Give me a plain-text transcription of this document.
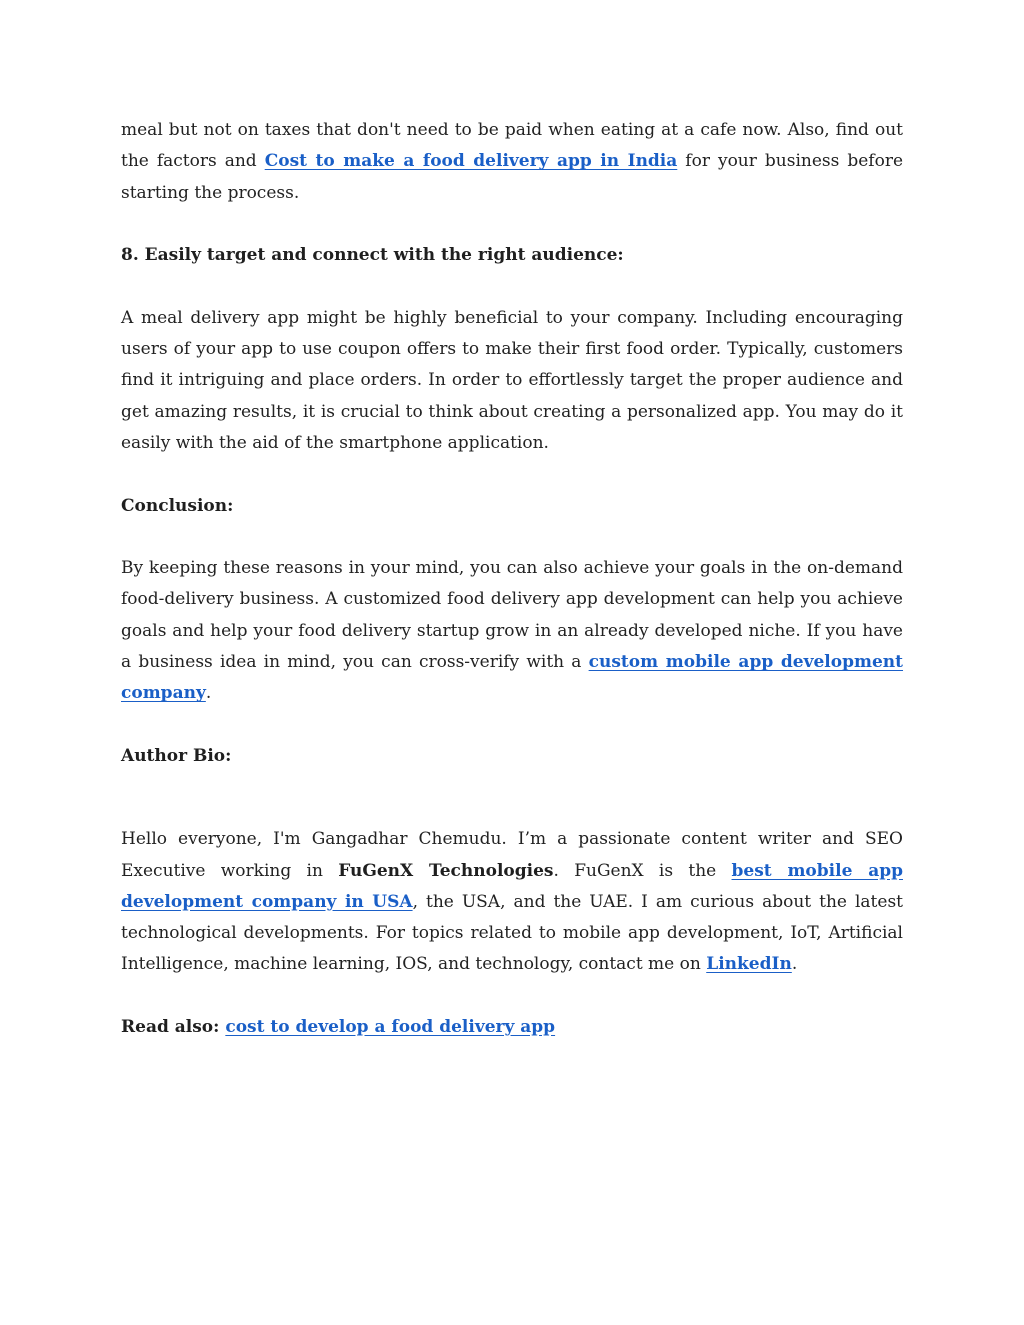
meal but not on taxes that don't need to be paid when eating at a cafe now. Also, find out the factors and Cost to make a food delivery app in India for your business before starting the process.

8. Easily target and connect with the right audience:

A meal delivery app might be highly beneficial to your company. Including encouraging users of your app to use coupon offers to make their first food order. Typically, customers find it intriguing and place orders. In order to effortlessly target the proper audience and get amazing results, it is crucial to think about creating a personalized app. You may do it easily with the aid of the smartphone application.

Conclusion:

By keeping these reasons in your mind, you can also achieve your goals in the on-demand food-delivery business. A customized food delivery app development can help you achieve goals and help your food delivery startup grow in an already developed niche. If you have a business idea in mind, you can cross-verify with a custom mobile app development company.

Author Bio:

Hello everyone, I'm Gangadhar Chemudu. I’m a passionate content writer and SEO Executive working in FuGenX Technologies. FuGenX is the best mobile app development company in USA, the USA, and the UAE. I am curious about the latest technological developments. For topics related to mobile app development, IoT, Artificial Intelligence, machine learning, IOS, and technology, contact me on LinkedIn.

Read also: cost to develop a food delivery app
